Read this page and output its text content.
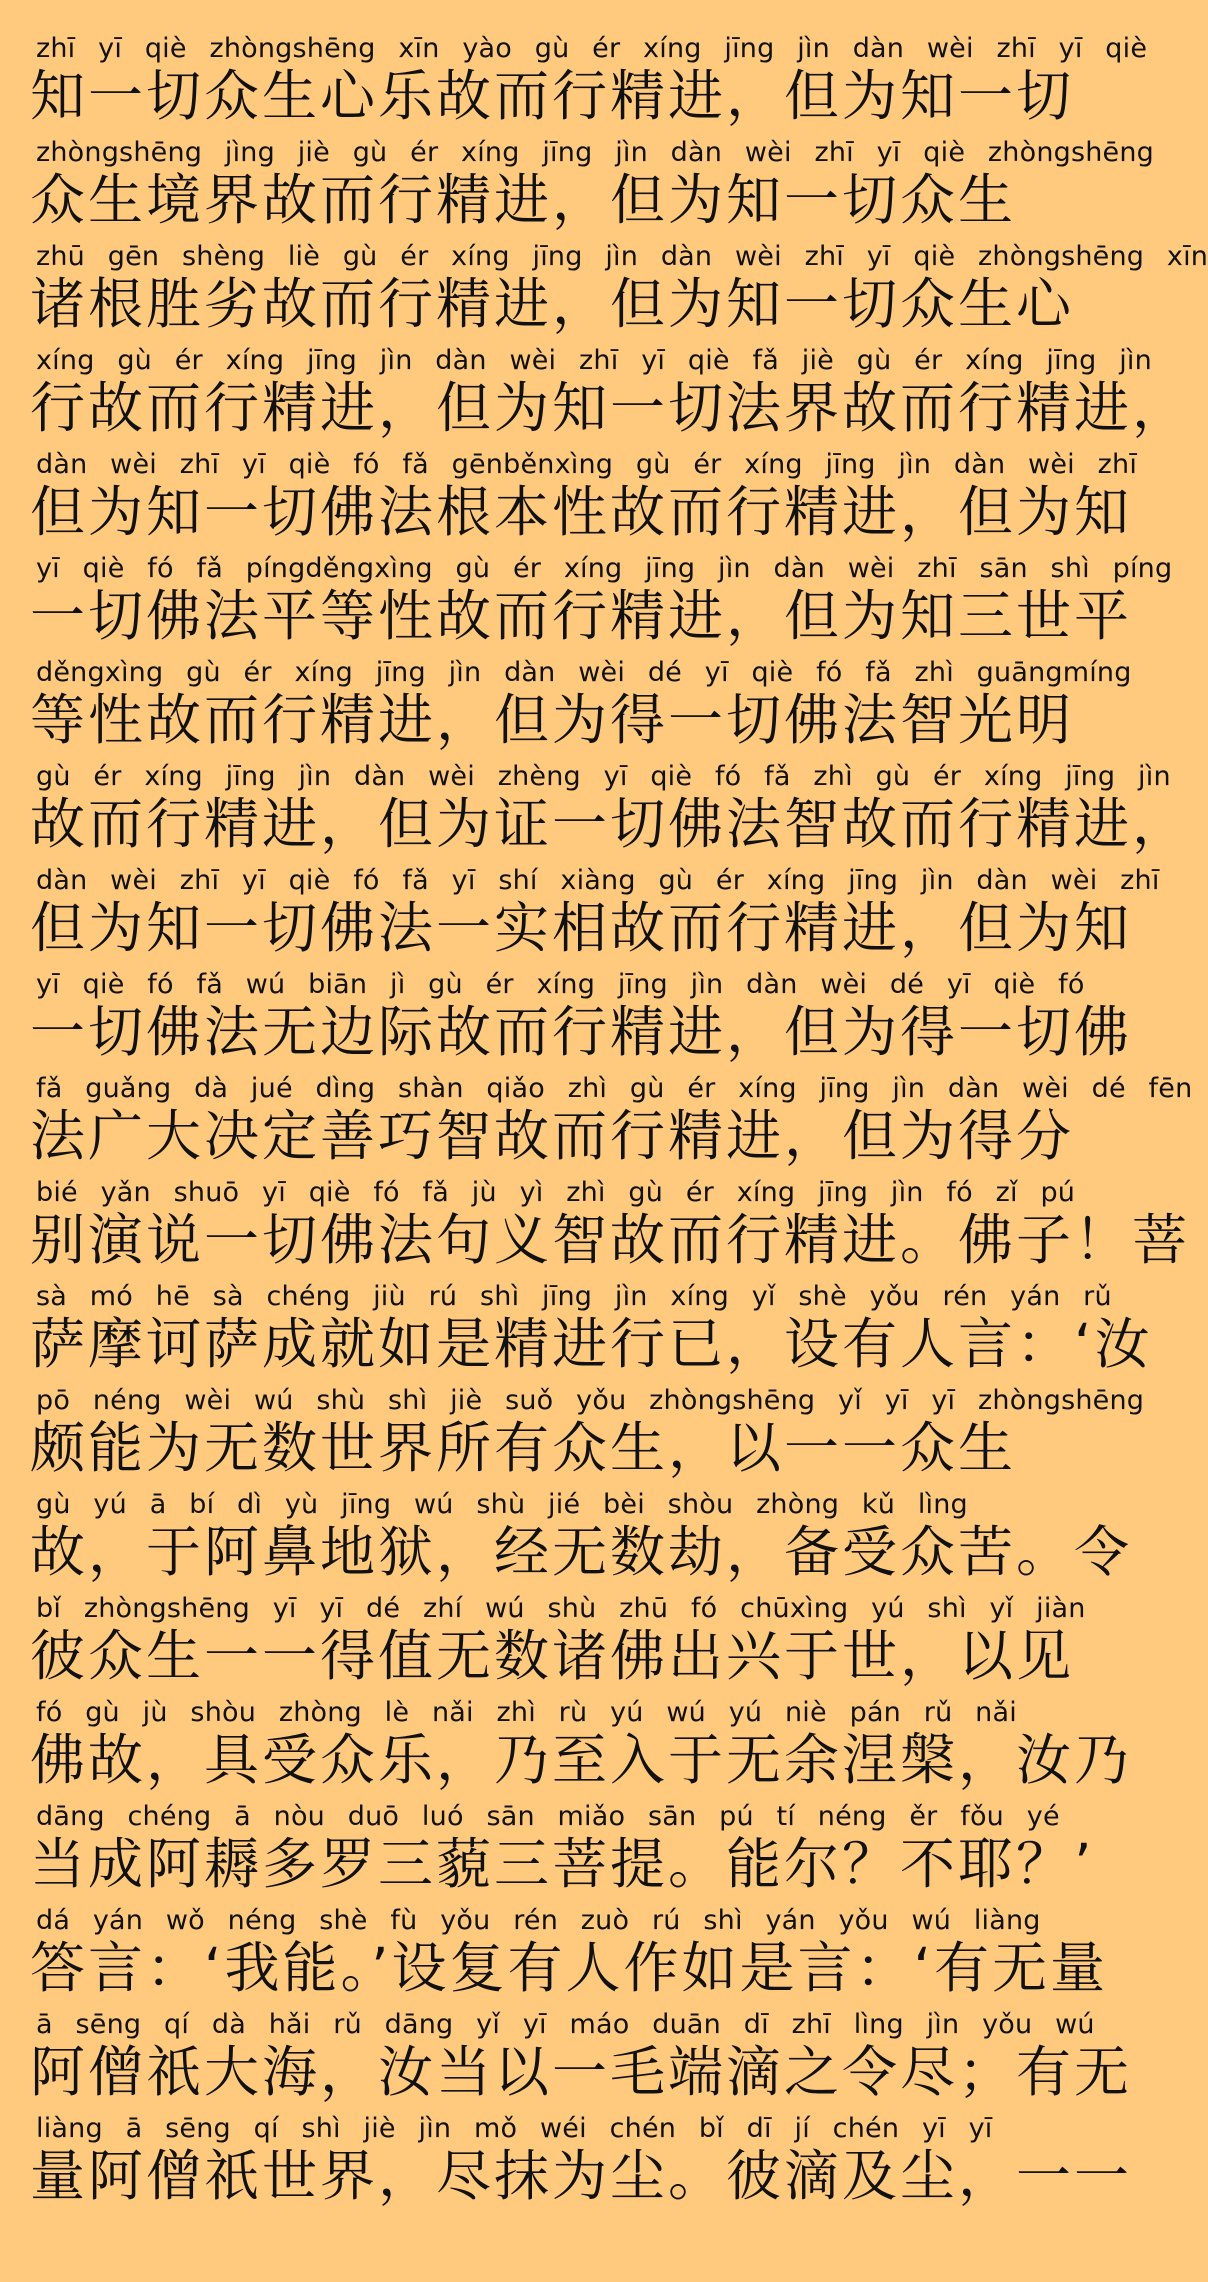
zhī yī qiè zhòngshēng xīn yào gù ér xíng jīng jìn dàn wèi zhī yī qiè
知一切众生心乐故而行精进，但为知一切
zhòngshēng jìng jiè gù ér xíng jīng jìn dàn wèi zhī yī qiè zhòngshēng
众生境界故而行精进，但为知一切众生
zhū gēn shèng liè gù ér xíng jīng jìn dàn wèi zhī yī qiè zhòngshēng xīn
诸根胜劣故而行精进，但为知一切众生心
xíng gù ér xíng jīng jìn dàn wèi zhī yī qiè fǎ jiè gù ér xíng jīng jìn
行故而行精进，但为知一切法界故而行精进，
dàn wèi zhī yī qiè fó fǎ gēnběnxìng gù ér xíng jīng jìn dàn wèi zhī
但为知一切佛法根本性故而行精进，但为知
yī qiè fó fǎ píngděngxìng gù ér xíng jīng jìn dàn wèi zhī sān shì píng
一切佛法平等性故而行精进，但为知三世平
děngxìng gù ér xíng jīng jìn dàn wèi dé yī qiè fó fǎ zhì guāngmíng
等性故而行精进，但为得一切佛法智光明
gù ér xíng jīng jìn dàn wèi zhèng yī qiè fó fǎ zhì gù ér xíng jīng jìn
故而行精进，但为证一切佛法智故而行精进，
dàn wèi zhī yī qiè fó fǎ yī shí xiàng gù ér xíng jīng jìn dàn wèi zhī
但为知一切佛法一实相故而行精进，但为知
yī qiè fó fǎ wú biān jì gù ér xíng jīng jìn dàn wèi dé yī qiè fó
一切佛法无边际故而行精进，但为得一切佛
fǎ guǎng dà jué dìng shàn qiǎo zhì gù ér xíng jīng jìn dàn wèi dé fēn
法广大决定善巧智故而行精进，但为得分
bié yǎn shuō yī qiè fó fǎ jù yì zhì gù ér xíng jīng jìn fó zǐ pú
别演说一切佛法句义智故而行精进。佛子！菩
sà mó hē sà chéng jiù rú shì jīng jìn xíng yǐ shè yǒu rén yán rǔ
萨摩诃萨成就如是精进行已，设有人言：‘汝
pō néng wèi wú shù shì jiè suǒ yǒu zhòngshēng yǐ yī yī zhòngshēng
颇能为无数世界所有众生，以一一众生
gù yú ā bí dì yù jīng wú shù jié bèi shòu zhòng kǔ lìng
故，于阿鼻地狱，经无数劫，备受众苦。令
bǐ zhòngshēng yī yī dé zhí wú shù zhū fó chūxìng yú shì yǐ jiàn
彼众生一一得值无数诸佛出兴于世，以见
fó gù jù shòu zhòng lè nǎi zhì rù yú wú yú niè pán rǔ nǎi
佛故，具受众乐，乃至入于无余涅槃，汝乃
dāng chéng ā nòu duō luó sān miǎo sān pú tí néng ěr fǒu yé
当成阿耨多罗三藐三菩提。能尔？不耶？’
dá yán wǒ néng shè fù yǒu rén zuò rú shì yán yǒu wú liàng
答言：‘我能。’设复有人作如是言：‘有无量
ā sēng qí dà hǎi rǔ dāng yǐ yī máo duān dī zhī lìng jìn yǒu wú
阿僧祇大海，汝当以一毛端滴之令尽；有无
liàng ā sēng qí shì jiè jìn mǒ wéi chén bǐ dī jí chén yī yī
量阿僧祇世界，尽抹为尘。彼滴及尘，一一
